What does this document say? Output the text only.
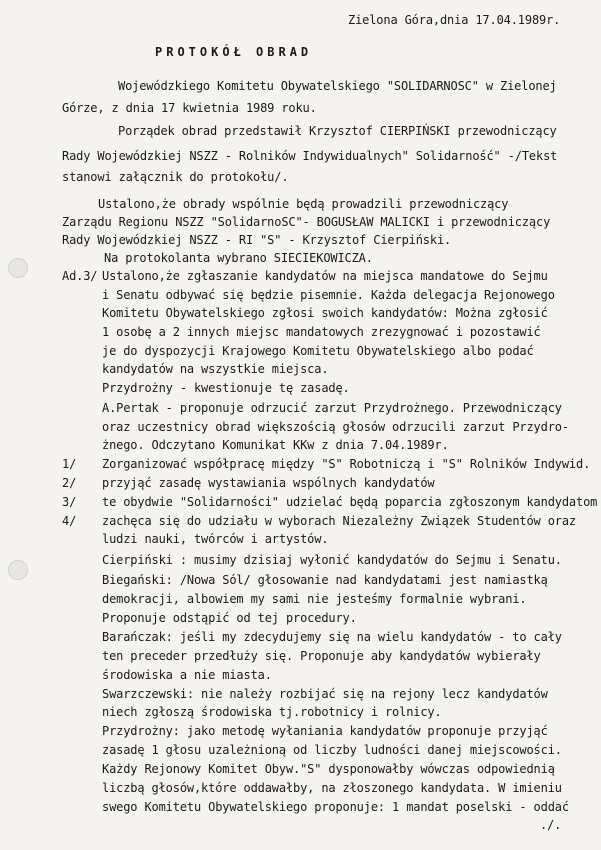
Zielona Góra,dnia 17.04.1989r.
PROTOKÓŁ OBRAD
Wojewódzkiego Komitetu Obywatelskiego "SOLIDARNOSC" w Zielonej
Górze, z dnia 17 kwietnia 1989 roku.
Porządek obrad przedstawił Krzysztof CIERPIŃSKI przewodniczący
Rady Wojewódzkiej NSZZ - Rolników Indywidualnych" Solidarność" -/Tekst
stanowi załącznik do protokołu/.
Ustalono,że obrady wspólnie będą prowadzili przewodniczący
Zarządu Regionu NSZZ "SolidarnoSC"- BOGUSŁAW MALICKI i przewodniczący
Rady Wojewódzkiej NSZZ - RI "S" - Krzysztof Cierpiński.
Na protokolanta wybrano SIECIEKOWICZA.
Ad.3/ Ustalono,że zgłaszanie kandydatów na miejsca mandatowe do Sejmu
i Senatu odbywać się będzie pisemnie. Każda delegacja Rejonowego
Komitetu Obywatelskiego zgłosi swoich kandydatów: Można zgłosić
1 osobę a 2 innych miejsc mandatowych zrezygnować i pozostawić
je do dyspozycji Krajowego Komitetu Obywatelskiego albo podać
kandydatów na wszystkie miejsca.
Przydrożny - kwestionuje tę zasadę.
A.Pertak - proponuje odrzucić zarzut Przydrożnego. Przewodniczący
oraz uczestnicy obrad większością głosów odrzucili zarzut Przydro-
żnego. Odczytano Komunikat KKw z dnia 7.04.1989r.
1/ Zorganizować współpracę między "S" Robotniczą i "S" Rolników Indywid.
2/ przyjąć zasadę wystawiania wspólnych kandydatów
3/ te obydwie "Solidarności" udzielać będą poparcia zgłoszonym kandydatom
4/ zachęca się do udziału w wyborach Niezależny Związek Studentów oraz
ludzi nauki, twórców i artystów.
Cierpiński : musimy dzisiaj wyłonić kandydatów do Sejmu i Senatu.
Biegański: /Nowa Sól/ głosowanie nad kandydatami jest namiastką
demokracji, albowiem my sami nie jesteśmy formalnie wybrani.
Proponuje odstąpić od tej procedury.
Barańczak: jeśli my zdecydujemy się na wielu kandydatów - to cały
ten preceder przedłuży się. Proponuje aby kandydatów wybierały
środowiska a nie miasta.
Swarzczewski: nie należy rozbijać się na rejony lecz kandydatów
niech zgłoszą środowiska tj.robotnicy i rolnicy.
Przydrożny: jako metodę wyłaniania kandydatów proponuje przyjąć
zasadę 1 głosu uzależnioną od liczby ludności danej miejscowości.
Każdy Rejonowy Komitet Obyw."S" dysponowałby wówczas odpowiednią
liczbą głosów,które oddawałby, na złoszonego kandydata. W imieniu
swego Komitetu Obywatelskiego proponuje: 1 mandat poselski - oddać
./.
